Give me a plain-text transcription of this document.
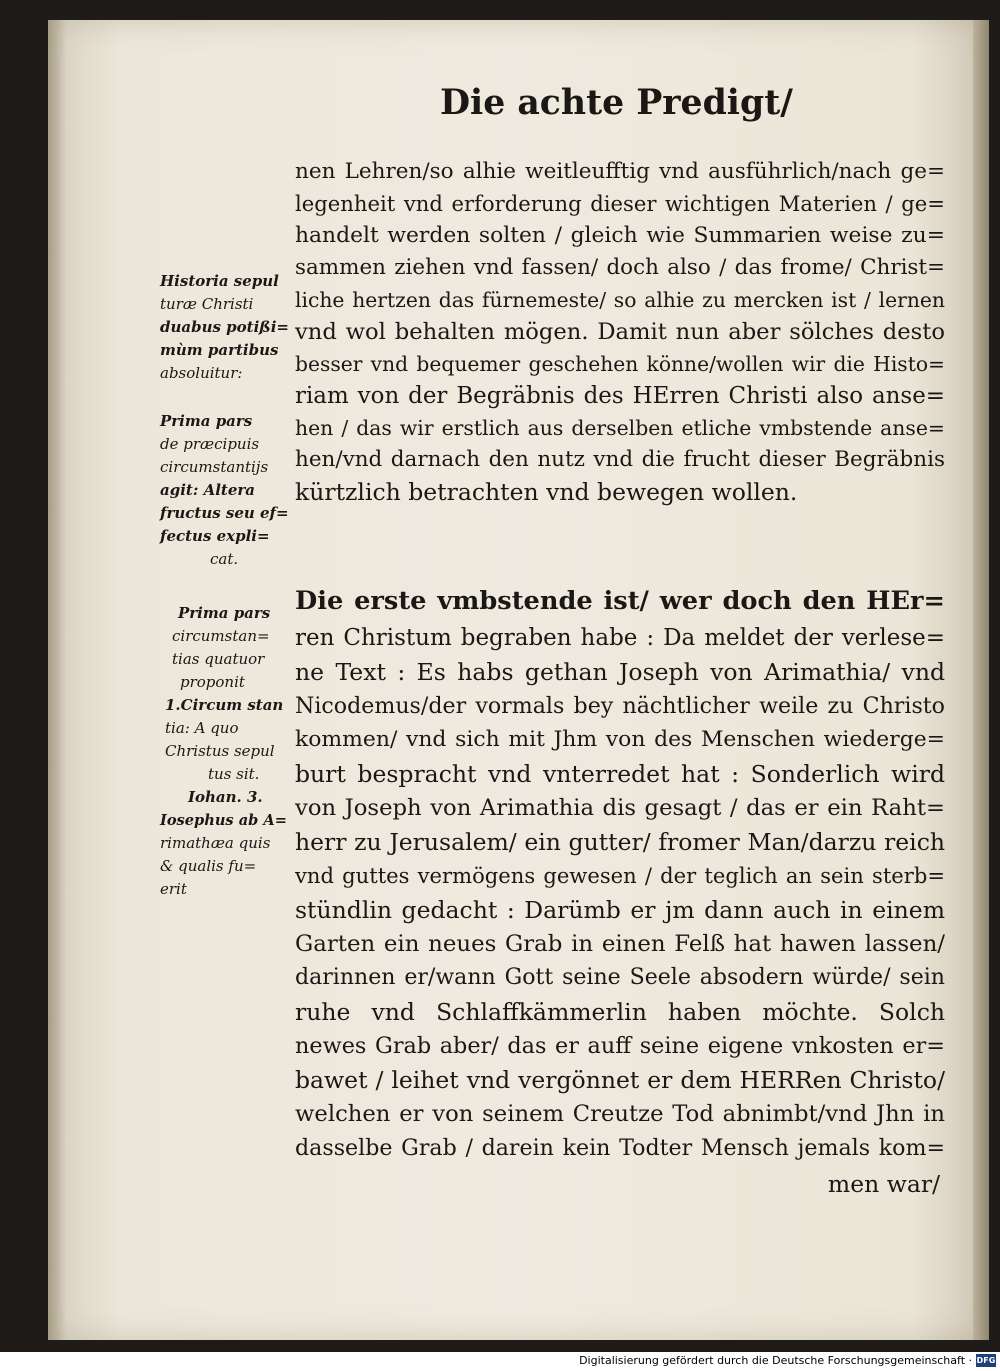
Die achte Predigt/
nen Lehren/so alhie weitleufftig vnd ausführlich/nach ge=
legenheit vnd erforderung dieser wichtigen Materien / ge=
handelt werden solten / gleich wie Summarien weise zu=
sammen ziehen vnd fassen/ doch also / das frome/ Christ=
liche hertzen das fürnemeste/ so alhie zu mercken ist / lernen
vnd wol behalten mögen. Damit nun aber sölches desto
besser vnd bequemer geschehen könne/wollen wir die Histo=
riam von der Begräbnis des HErren Christi also anse=
hen / das wir erstlich aus derselben etliche vmbstende anse=
hen/vnd darnach den nutz vnd die frucht dieser Begräbnis
kürtzlich betrachten vnd bewegen wollen.
Die erste vmbstende ist/ wer doch den HEr=
ren Christum begraben habe : Da meldet der verlese=
ne Text : Es habs gethan Joseph von Arimathia/ vnd
Nicodemus/der vormals bey nächtlicher weile zu Christo
kommen/ vnd sich mit Jhm von des Menschen wiederge=
burt bespracht vnd vnterredet hat : Sonderlich wird
von Joseph von Arimathia dis gesagt / das er ein Raht=
herr zu Jerusalem/ ein gutter/ fromer Man/darzu reich
vnd guttes vermögens gewesen / der teglich an sein sterb=
stündlin gedacht : Darümb er jm dann auch in einem
Garten ein neues Grab in einen Felß hat hawen lassen/
darinnen er/wann Gott seine Seele absodern würde/ sein
ruhe vnd Schlaffkämmerlin haben möchte. Solch
newes Grab aber/ das er auff seine eigene vnkosten er=
bawet / leihet vnd vergönnet er dem HERRen Christo/
welchen er von seinem Creutze Tod abnimbt/vnd Jhn in
dasselbe Grab / darein kein Todter Mensch jemals kom=
men war/
Historia sepul
turæ Christi
duabus potißi=
mùm partibus
absoluitur:
Prima pars
de præcipuis
circumstantijs
agit: Altera
fructus seu ef=
fectus expli=
cat.
Prima pars
circumstan=
tias quatuor
proponit
1.Circum stan
tia: A quo
Christus sepul
tus sit.
Iohan. 3.
Iosephus ab A=
rimathæa quis
& qualis fu=
erit
Digitalisierung gefördert durch die Deutsche Forschungsgemeinschaft · DFG
